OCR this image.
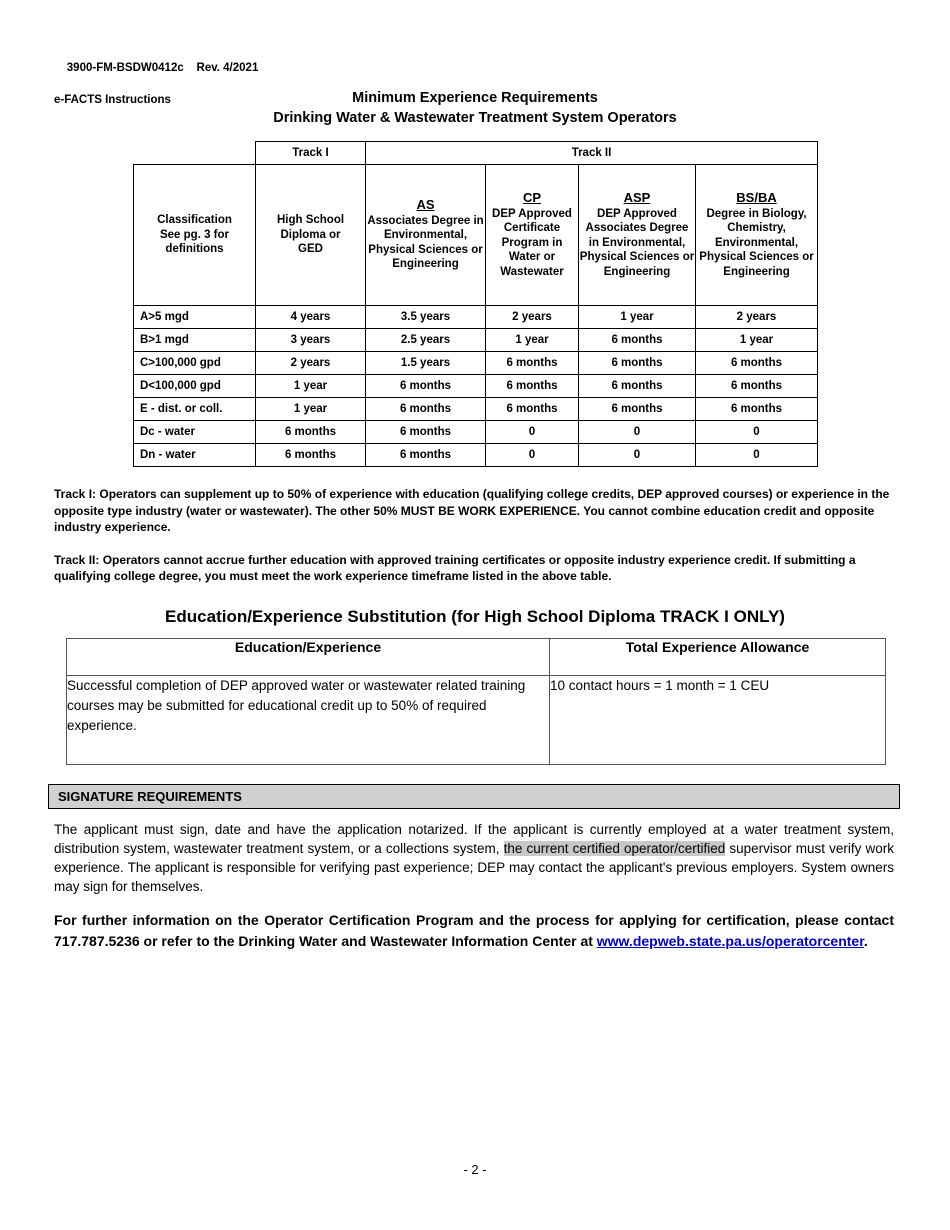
3900-FM-BSDW0412c Rev. 4/2021

e-FACTS Instructions	Minimum Experience Requirements
Drinking Water & Wastewater Treatment System Operators
	Track I	Track II			
Classification
See pg. 3 for
definitions	High School
Diploma or
GED	AS
Associates Degree in Environmental, Physical Sciences or Engineering	CP
DEP Approved Certificate Program in Water or Wastewater	ASP
DEP Approved Associates Degree in Environmental, Physical Sciences or Engineering	BS/BA
Degree in Biology, Chemistry, Environmental, Physical Sciences or Engineering
A>5 mgd	4 years	3.5 years	2 years	1 year	2 years
B>1 mgd	3 years	2.5 years	1 year	6 months	1 year
C>100,000 gpd	2 years	1.5 years	6 months	6 months	6 months
D<100,000 gpd	1 year	6 months	6 months	6 months	6 months
E - dist. or coll.	1 year	6 months	6 months	6 months	6 months
Dc - water	6 months	6 months	0	0	0
Dn - water	6 months	6 months	0	0	0

Track I: Operators can supplement up to 50% of experience with education (qualifying college credits, DEP approved courses) or experience in the opposite type industry (water or wastewater). The other 50% MUST BE WORK EXPERIENCE. You cannot combine education credit and opposite industry experience.

Track II: Operators cannot accrue further education with approved training certificates or opposite industry experience credit. If submitting a qualifying college degree, you must meet the work experience timeframe listed in the above table.

Education/Experience Substitution (for High School Diploma TRACK I ONLY)
Education/Experience	Total Experience Allowance
Successful completion of DEP approved water or wastewater related training courses may be submitted for educational credit up to 50% of required experience.	10 contact hours = 1 month = 1 CEU
SIGNATURE REQUIREMENTS
The applicant must sign, date and have the application notarized. If the applicant is currently employed at a water treatment system, distribution system, wastewater treatment system, or a collections system, the current certified operator/certified supervisor must verify work experience. The applicant is responsible for verifying past experience; DEP may contact the applicant's previous employers. System owners may sign for themselves.
For further information on the Operator Certification Program and the process for applying for certification, please contact 717.787.5236 or refer to the Drinking Water and Wastewater Information Center at www.depweb.state.pa.us/operatorcenter.
- 2 -
